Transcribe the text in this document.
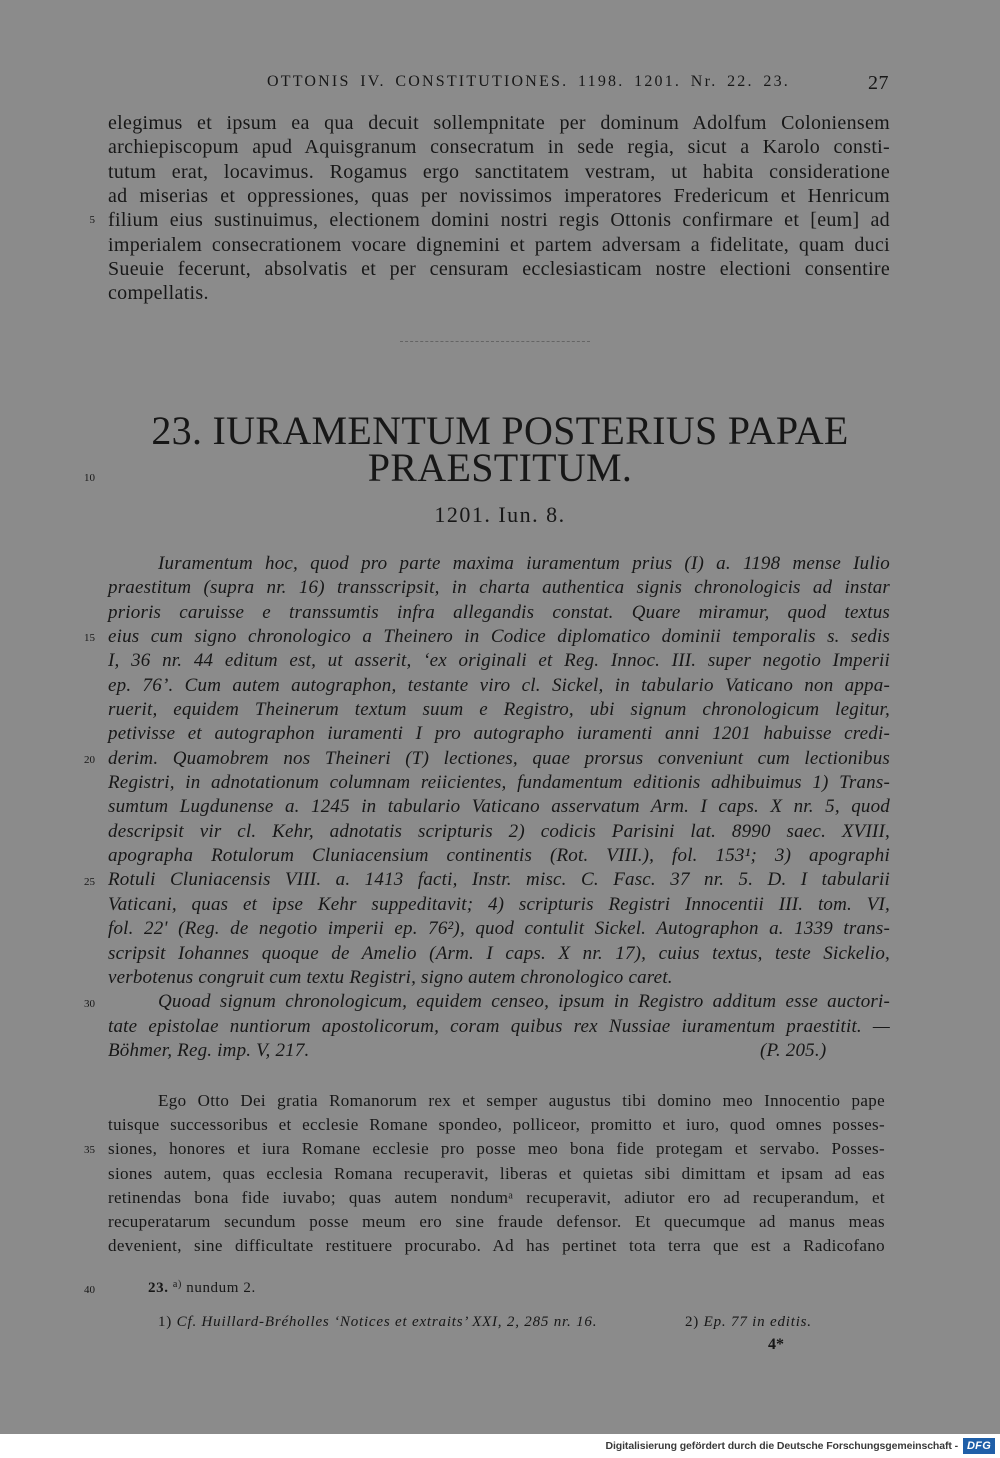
OTTONIS IV. CONSTITUTIONES. 1198. 1201. Nr. 22. 23.	27
elegimus et ipsum ea qua decuit sollempnitate per dominum Adolfum Coloniensem
archiepiscopum apud Aquisgranum consecratum in sede regia, sicut a Karolo consti-
tutum erat, locavimus. Rogamus ergo sanctitatem vestram, ut habita consideratione
ad miserias et oppressiones, quas per novissimos imperatores Fredericum et Henricum
filium eius sustinuimus, electionem domini nostri regis Ottonis confirmare et [eum] ad
imperialem consecrationem vocare dignemini et partem adversam a fidelitate, quam duci
Sueuie fecerunt, absolvatis et per censuram ecclesiasticam nostre electioni consentire
compellatis.
23. IURAMENTUM POSTERIUS PAPAE
PRAESTITUM.
1201. Iun. 8.
Iuramentum hoc, quod pro parte maxima iuramentum prius (I) a. 1198 mense Iulio
praestitum (supra nr. 16) transscripsit, in charta authentica signis chronologicis ad instar
prioris caruisse e transsumtis infra allegandis constat. Quare miramur, quod textus
eius cum signo chronologico a Theinero in Codice diplomatico dominii temporalis s. sedis
I, 36 nr. 44 editum est, ut asserit, ‘ex originali et Reg. Innoc. III. super negotio Imperii
ep. 76’. Cum autem autographon, testante viro cl. Sickel, in tabulario Vaticano non appa-
ruerit, equidem Theinerum textum suum e Registro, ubi signum chronologicum legitur,
petivisse et autographon iuramenti I pro autographo iuramenti anni 1201 habuisse credi-
derim. Quamobrem nos Theineri (T) lectiones, quae prorsus conveniunt cum lectionibus
Registri, in adnotationum columnam reiicientes, fundamentum editionis adhibuimus 1) Trans-
sumtum Lugdunense a. 1245 in tabulario Vaticano asservatum Arm. I caps. X nr. 5, quod
descripsit vir cl. Kehr, adnotatis scripturis 2) codicis Parisini lat. 8990 saec. XVIII,
apographa Rotulorum Cluniacensium continentis (Rot. VIII.), fol. 153¹; 3) apographi
Rotuli Cluniacensis VIII. a. 1413 facti, Instr. misc. C. Fasc. 37 nr. 5. D. I tabularii
Vaticani, quas et ipse Kehr suppeditavit; 4) scripturis Registri Innocentii III. tom. VI,
fol. 22' (Reg. de negotio imperii ep. 76²), quod contulit Sickel. Autographon a. 1339 trans-
scripsit Iohannes quoque de Amelio (Arm. I caps. X nr. 17), cuius textus, teste Sickelio,
verbotenus congruit cum textu Registri, signo autem chronologico caret.
Quoad signum chronologicum, equidem censeo, ipsum in Registro additum esse auctori-
tate epistolae nuntiorum apostolicorum, coram quibus rex Nussiae iuramentum praestitit. —
Böhmer, Reg. imp. V, 217.	(P. 205.)
Ego Otto Dei gratia Romanorum rex et semper augustus tibi domino meo Innocentio pape
tuisque successoribus et ecclesie Romane spondeo, polliceor, promitto et iuro, quod omnes posses-
siones, honores et iura Romane ecclesie pro posse meo bona fide protegam et servabo. Posses-
siones autem, quas ecclesia Romana recuperavit, liberas et quietas sibi dimittam et ipsam ad eas
retinendas bona fide iuvabo; quas autem nondumᵃ recuperavit, adiutor ero ad recuperandum, et
recuperatarum secundum posse meum ero sine fraude defensor. Et quecumque ad manus meas
devenient, sine difficultate restituere procurabo. Ad has pertinet tota terra que est a Radicofano
5
10
15
20
25
30
35
40	23. $^{a)}$ nundum 2.
1) Cf. Huillard-Bréholles ‘Notices et extraits’ XXI, 2, 285 nr. 16.	2) Ep. 77 in editis.
4*
Digitalisierung gefördert durch die Deutsche Forschungsgemeinschaft - DFG
